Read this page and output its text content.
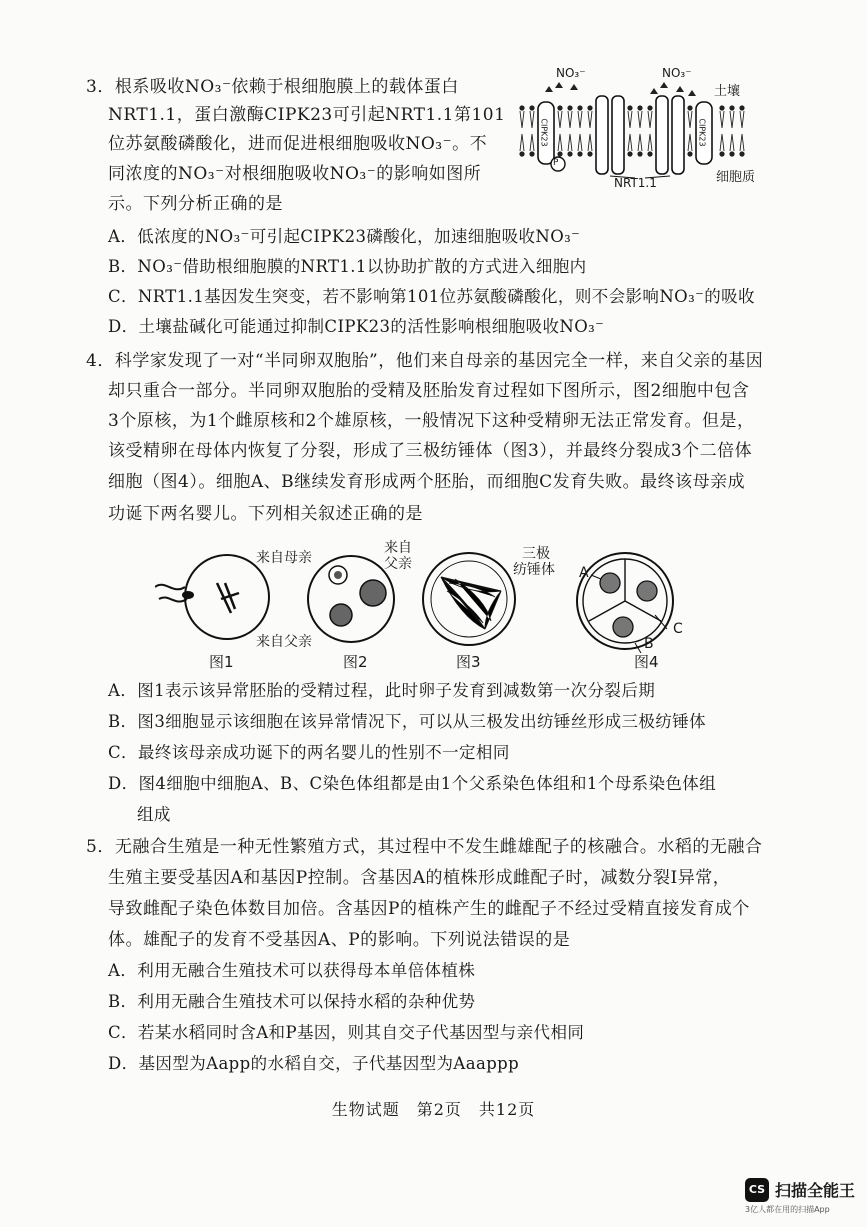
3．根系吸收NO₃⁻依赖于根细胞膜上的载体蛋白
NRT1.1，蛋白激酶CIPK23可引起NRT1.1第101
位苏氨酸磷酸化，进而促进根细胞吸收NO₃⁻。不
同浓度的NO₃⁻对根细胞吸收NO₃⁻的影响如图所
示。下列分析正确的是
NO₃⁻	NO₃⁻
土壤
细胞质
NRT1.1
P
CIPK23	CIPK23
A．低浓度的NO₃⁻可引起CIPK23磷酸化，加速细胞吸收NO₃⁻
B．NO₃⁻借助根细胞膜的NRT1.1以协助扩散的方式进入细胞内
C．NRT1.1基因发生突变，若不影响第101位苏氨酸磷酸化，则不会影响NO₃⁻的吸收
D．土壤盐碱化可能通过抑制CIPK23的活性影响根细胞吸收NO₃⁻
4．科学家发现了一对“半同卵双胞胎”，他们来自母亲的基因完全一样，来自父亲的基因
却只重合一部分。半同卵双胞胎的受精及胚胎发育过程如下图所示，图2细胞中包含
3个原核，为1个雌原核和2个雄原核，一般情况下这种受精卵无法正常发育。但是，
该受精卵在母体内恢复了分裂，形成了三极纺锤体（图3），并最终分裂成3个二倍体
细胞（图4）。细胞A、B继续发育形成两个胚胎，而细胞C发育失败。最终该母亲成
功诞下两名婴儿。下列相关叙述正确的是
来自母亲
来自
父亲
来自父亲
三极
纺锤体 A
B
C
图1	图2	图3	图4
A．图1表示该异常胚胎的受精过程，此时卵子发育到减数第一次分裂后期
B．图3细胞显示该细胞在该异常情况下，可以从三极发出纺锤丝形成三极纺锤体
C．最终该母亲成功诞下的两名婴儿的性别不一定相同
D．图4细胞中细胞A、B、C染色体组都是由1个父系染色体组和1个母系染色体组
组成
5．无融合生殖是一种无性繁殖方式，其过程中不发生雌雄配子的核融合。水稻的无融合
生殖主要受基因A和基因P控制。含基因A的植株形成雌配子时，减数分裂Ⅰ异常，
导致雌配子染色体数目加倍。含基因P的植株产生的雌配子不经过受精直接发育成个
体。雄配子的发育不受基因A、P的影响。下列说法错误的是
A．利用无融合生殖技术可以获得母本单倍体植株
B．利用无融合生殖技术可以保持水稻的杂种优势
C．若某水稻同时含A和P基因，则其自交子代基因型与亲代相同
D．基因型为Aapp的水稻自交，子代基因型为Aaappp
生物试题　第2页　共12页
CS 扫描全能王
3亿人都在用的扫描App
